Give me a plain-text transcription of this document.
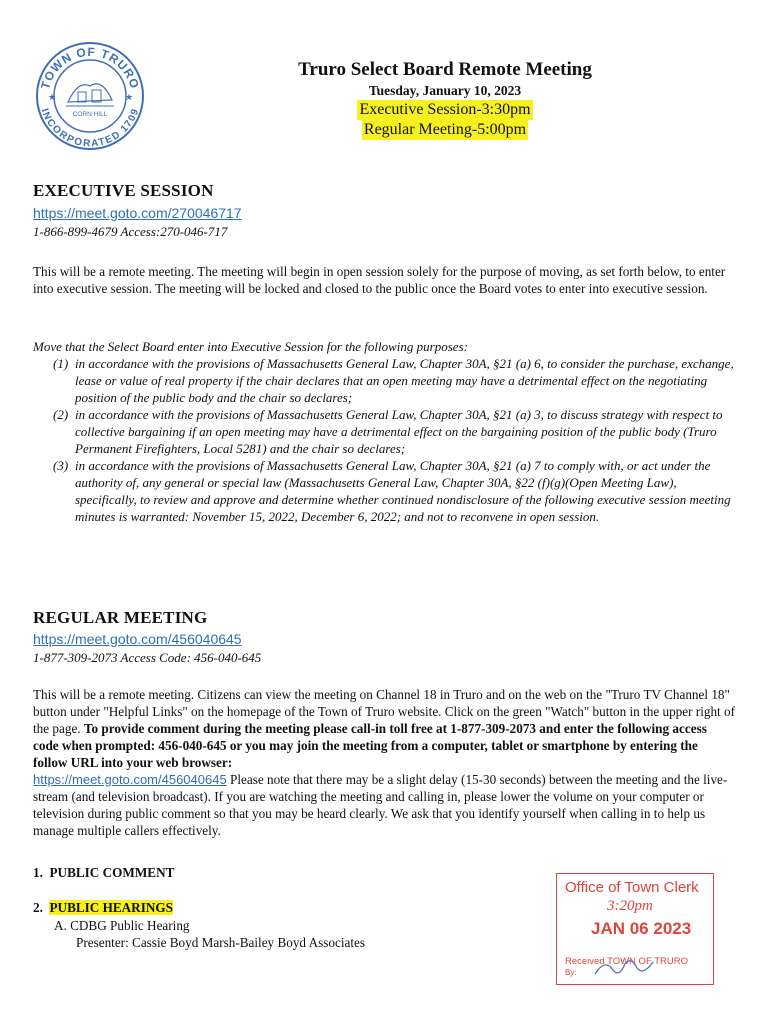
TOWN OF TRURO
INCORPORATED 1709
★	★
CORN HILL
Truro Select Board Remote Meeting
Tuesday, January 10, 2023
Executive Session-3:30pm
Regular Meeting-5:00pm
EXECUTIVE SESSION
https://meet.goto.com/270046717
1-866-899-4679 Access:270-046-717
This will be a remote meeting. The meeting will begin in open session solely for the purpose of moving, as set forth below, to enter into executive session. The meeting will be locked and closed to the public once the Board votes to enter into executive session.
Move that the Select Board enter into Executive Session for the following purposes:
(1) in accordance with the provisions of Massachusetts General Law, Chapter 30A, §21 (a) 6, to consider the purchase, exchange, lease or value of real property if the chair declares that an open meeting may have a detrimental effect on the negotiating position of the public body and the chair so declares;
(2) in accordance with the provisions of Massachusetts General Law, Chapter 30A, §21 (a) 3, to discuss strategy with respect to collective bargaining if an open meeting may have a detrimental effect on the bargaining position of the public body (Truro Permanent Firefighters, Local 5281) and the chair so declares;
(3) in accordance with the provisions of Massachusetts General Law, Chapter 30A, §21 (a) 7 to comply with, or act under the authority of, any general or special law (Massachusetts General Law, Chapter 30A, §22 (f)(g)(Open Meeting Law), specifically, to review and approve and determine whether continued nondisclosure of the following executive session meeting minutes is warranted: November 15, 2022, December 6, 2022; and not to reconvene in open session.
REGULAR MEETING
https://meet.goto.com/456040645
1-877-309-2073 Access Code: 456-040-645
This will be a remote meeting. Citizens can view the meeting on Channel 18 in Truro and on the web on the "Truro TV Channel 18" button under "Helpful Links" on the homepage of the Town of Truro website. Click on the green "Watch" button in the upper right of the page. To provide comment during the meeting please call-in toll free at 1-877-309-2073 and enter the following access code when prompted: 456-040-645 or you may join the meeting from a computer, tablet or smartphone by entering the follow URL into your web browser:
https://meet.goto.com/456040645 Please note that there may be a slight delay (15-30 seconds) between the meeting and the live-stream (and television broadcast). If you are watching the meeting and calling in, please lower the volume on your computer or television during public comment so that you may be heard clearly. We ask that you identify yourself when calling in to help us manage multiple callers effectively.
1. PUBLIC COMMENT
2. PUBLIC HEARINGS
A. CDBG Public Hearing
Presenter: Cassie Boyd Marsh-Bailey Boyd Associates
Office of Town Clerk
3:20pm
JAN 06 2023
Received TOWN OF TRURO
By:
